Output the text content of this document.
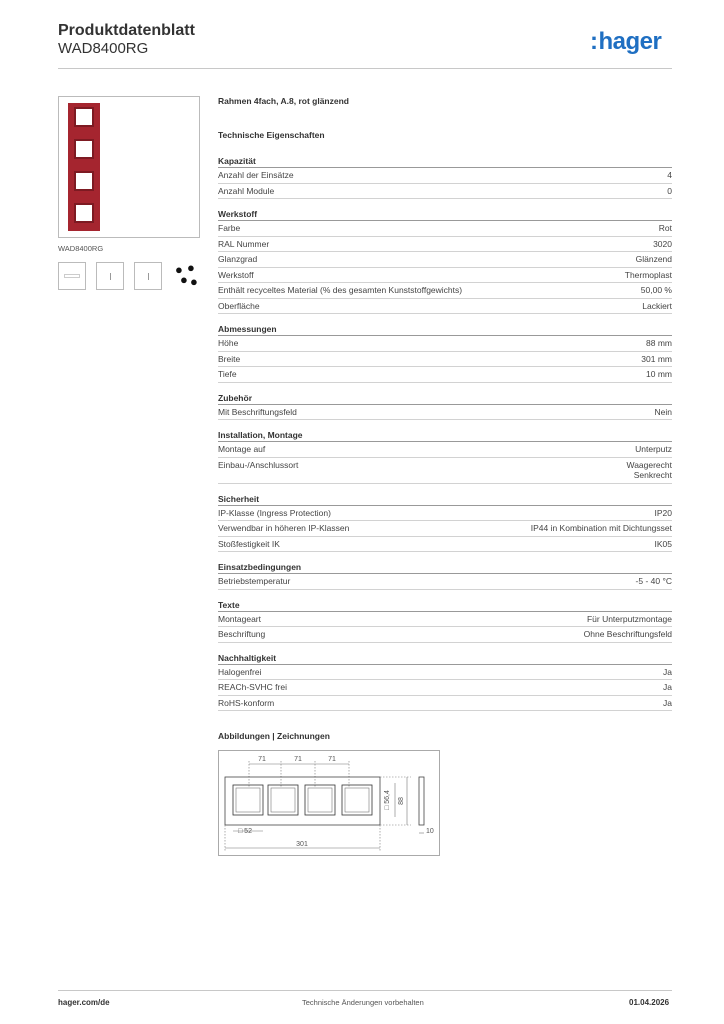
Produktdatenblatt
WAD8400RG	:hager
WAD8400RG
● ●
● ●
Rahmen 4fach, A.8, rot glänzend
Technische Eigenschaften
Kapazität
Anzahl der Einsätze	4
Anzahl Module	0
Werkstoff
Farbe	Rot
RAL Nummer	3020
Glanzgrad	Glänzend
Werkstoff	Thermoplast
Enthält recyceltes Material (% des gesamten Kunststoffgewichts)	50,00 %
Oberfläche	Lackiert
Abmessungen
Höhe	88 mm
Breite	301 mm
Tiefe	10 mm
Zubehör
Mit Beschriftungsfeld	Nein
Installation, Montage
Montage auf	Unterputz
Einbau-/Anschlussort	Waagerecht
Senkrecht
Sicherheit
IP-Klasse (Ingress Protection)	IP20
Verwendbar in höheren IP-Klassen	IP44 in Kombination mit Dichtungsset
Stoßfestigkeit IK	IK05
Einsatzbedingungen
Betriebstemperatur	-5 - 40 °C
Texte
Montageart	Für Unterputzmontage
Beschriftung	Ohne Beschriftungsfeld
Nachhaltigkeit
Halogenfrei	Ja
REACh-SVHC frei	Ja
RoHS-konform	Ja
Abbildungen | Zeichnungen
71	71	71
□ 56,4 88
□ 52
301
10
hager.com/de	Technische Änderungen vorbehalten	01.04.2026
